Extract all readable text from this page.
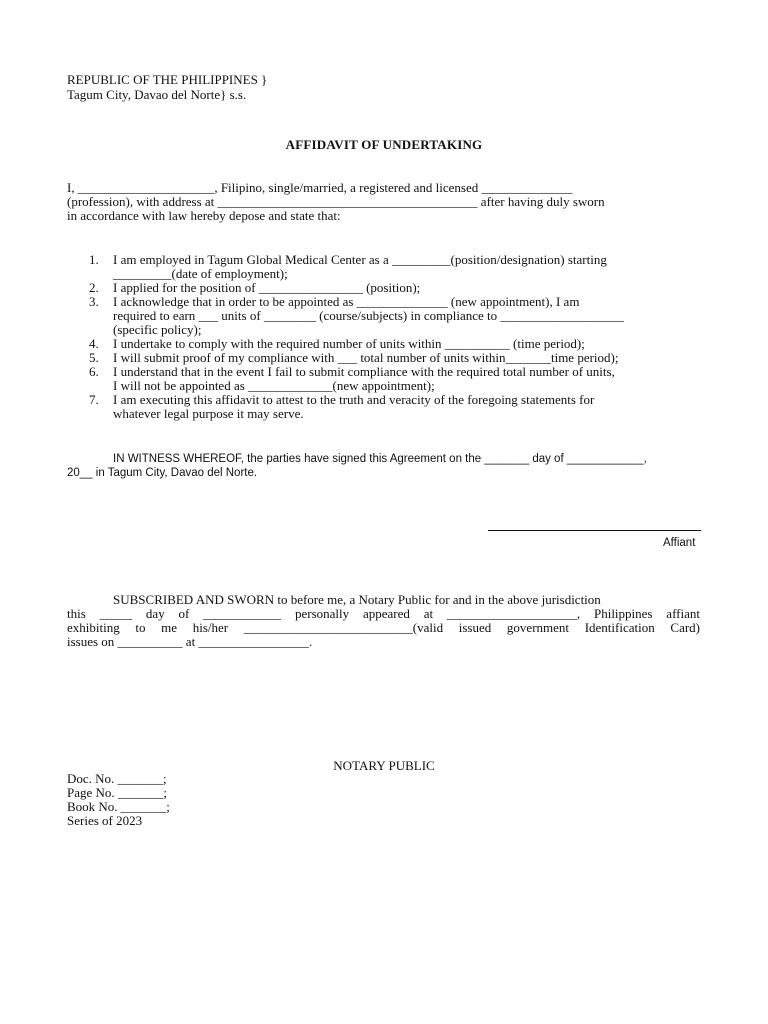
REPUBLIC OF THE PHILIPPINES }
Tagum City, Davao del Norte} s.s.
AFFIDAVIT OF UNDERTAKING
I, _____________________, Filipino, single/married, a registered and licensed ______________
(profession), with address at ________________________________________ after having duly sworn
in accordance with law hereby depose and state that:
1. I am employed in Tagum Global Medical Center as a _________(position/designation) starting
_________(date of employment);
2. I applied for the position of ________________ (position);
3. I acknowledge that in order to be appointed as ______________ (new appointment), I am
required to earn ___ units of ________ (course/subjects) in compliance to ___________________
(specific policy);
4. I undertake to comply with the required number of units within __________ (time period);
5. I will submit proof of my compliance with ___ total number of units within_______time period);
6. I understand that in the event I fail to submit compliance with the required total number of units,
I will not be appointed as _____________(new appointment);
7. I am executing this affidavit to attest to the truth and veracity of the foregoing statements for
whatever legal purpose it may serve.
IN WITNESS WHEREOF, the parties have signed this Agreement on the _______ day of ____________,
20__ in Tagum City, Davao del Norte.
Affiant
SUBSCRIBED AND SWORN to before me, a Notary Public for and in the above jurisdiction
this _____ day of ____________ personally appeared at ____________________, Philippines affiant
exhibiting to me his/her __________________________(valid issued government Identification Card)
issues on __________ at _________________.
NOTARY PUBLIC
Doc. No. _______;
Page No. _______;
Book No. _______;
Series of 2023
